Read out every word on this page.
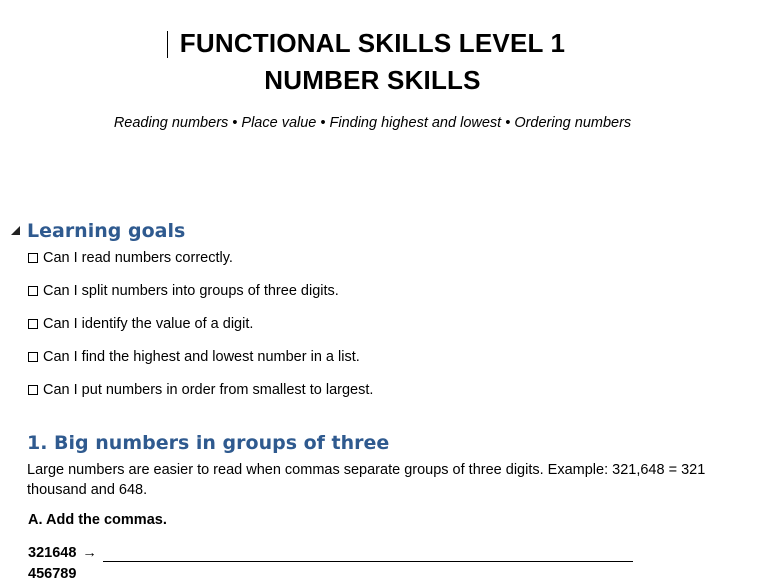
FUNCTIONAL SKILLS LEVEL 1
NUMBER SKILLS
Reading numbers • Place value • Finding highest and lowest • Ordering numbers
Learning goals
Can I read numbers correctly.
Can I split numbers into groups of three digits.
Can I identify the value of a digit.
Can I find the highest and lowest number in a list.
Can I put numbers in order from smallest to largest.
1. Big numbers in groups of three
Large numbers are easier to read when commas separate groups of three digits. Example: 321,648 = 321 thousand and 648.
A. Add the commas.
321648 →
456789
